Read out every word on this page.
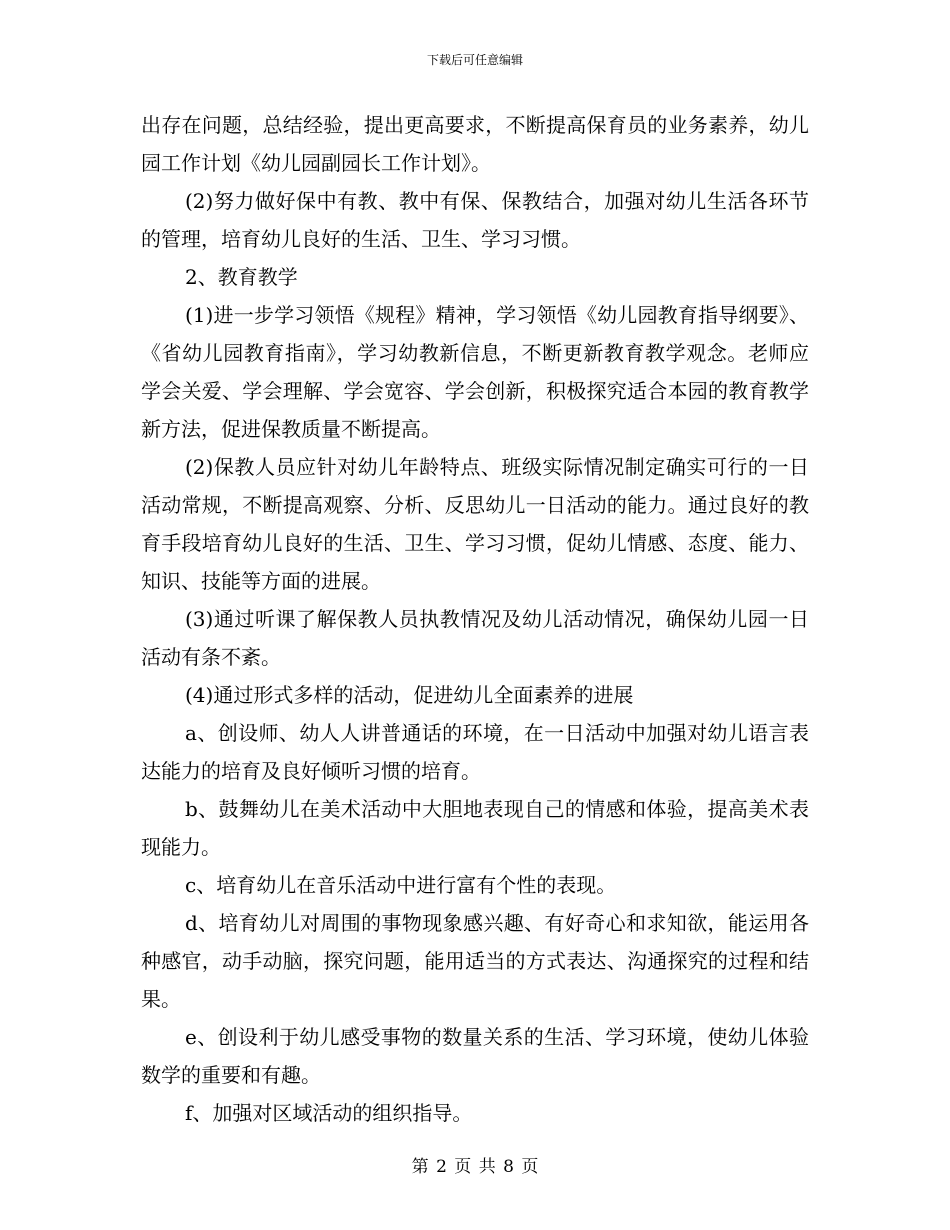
下载后可任意编辑

出存在问题，总结经验，提出更高要求，不断提高保育员的业务素养，幼儿园工作计划《幼儿园副园长工作计划》。

(2)努力做好保中有教、教中有保、保教结合，加强对幼儿生活各环节的管理，培育幼儿良好的生活、卫生、学习习惯。

2、教育教学

(1)进一步学习领悟《规程》精神，学习领悟《幼儿园教育指导纲要》、《省幼儿园教育指南》，学习幼教新信息，不断更新教育教学观念。老师应学会关爱、学会理解、学会宽容、学会创新，积极探究适合本园的教育教学新方法，促进保教质量不断提高。

(2)保教人员应针对幼儿年龄特点、班级实际情况制定确实可行的一日活动常规，不断提高观察、分析、反思幼儿一日活动的能力。通过良好的教育手段培育幼儿良好的生活、卫生、学习习惯，促幼儿情感、态度、能力、知识、技能等方面的进展。

(3)通过听课了解保教人员执教情况及幼儿活动情况，确保幼儿园一日活动有条不紊。

(4)通过形式多样的活动，促进幼儿全面素养的进展

a、创设师、幼人人讲普通话的环境，在一日活动中加强对幼儿语言表达能力的培育及良好倾听习惯的培育。

b、鼓舞幼儿在美术活动中大胆地表现自己的情感和体验，提高美术表现能力。

c、培育幼儿在音乐活动中进行富有个性的表现。

d、培育幼儿对周围的事物现象感兴趣、有好奇心和求知欲，能运用各种感官，动手动脑，探究问题，能用适当的方式表达、沟通探究的过程和结果。

e、创设利于幼儿感受事物的数量关系的生活、学习环境，使幼儿体验数学的重要和有趣。

f、加强对区域活动的组织指导。

第 2 页 共 8 页
